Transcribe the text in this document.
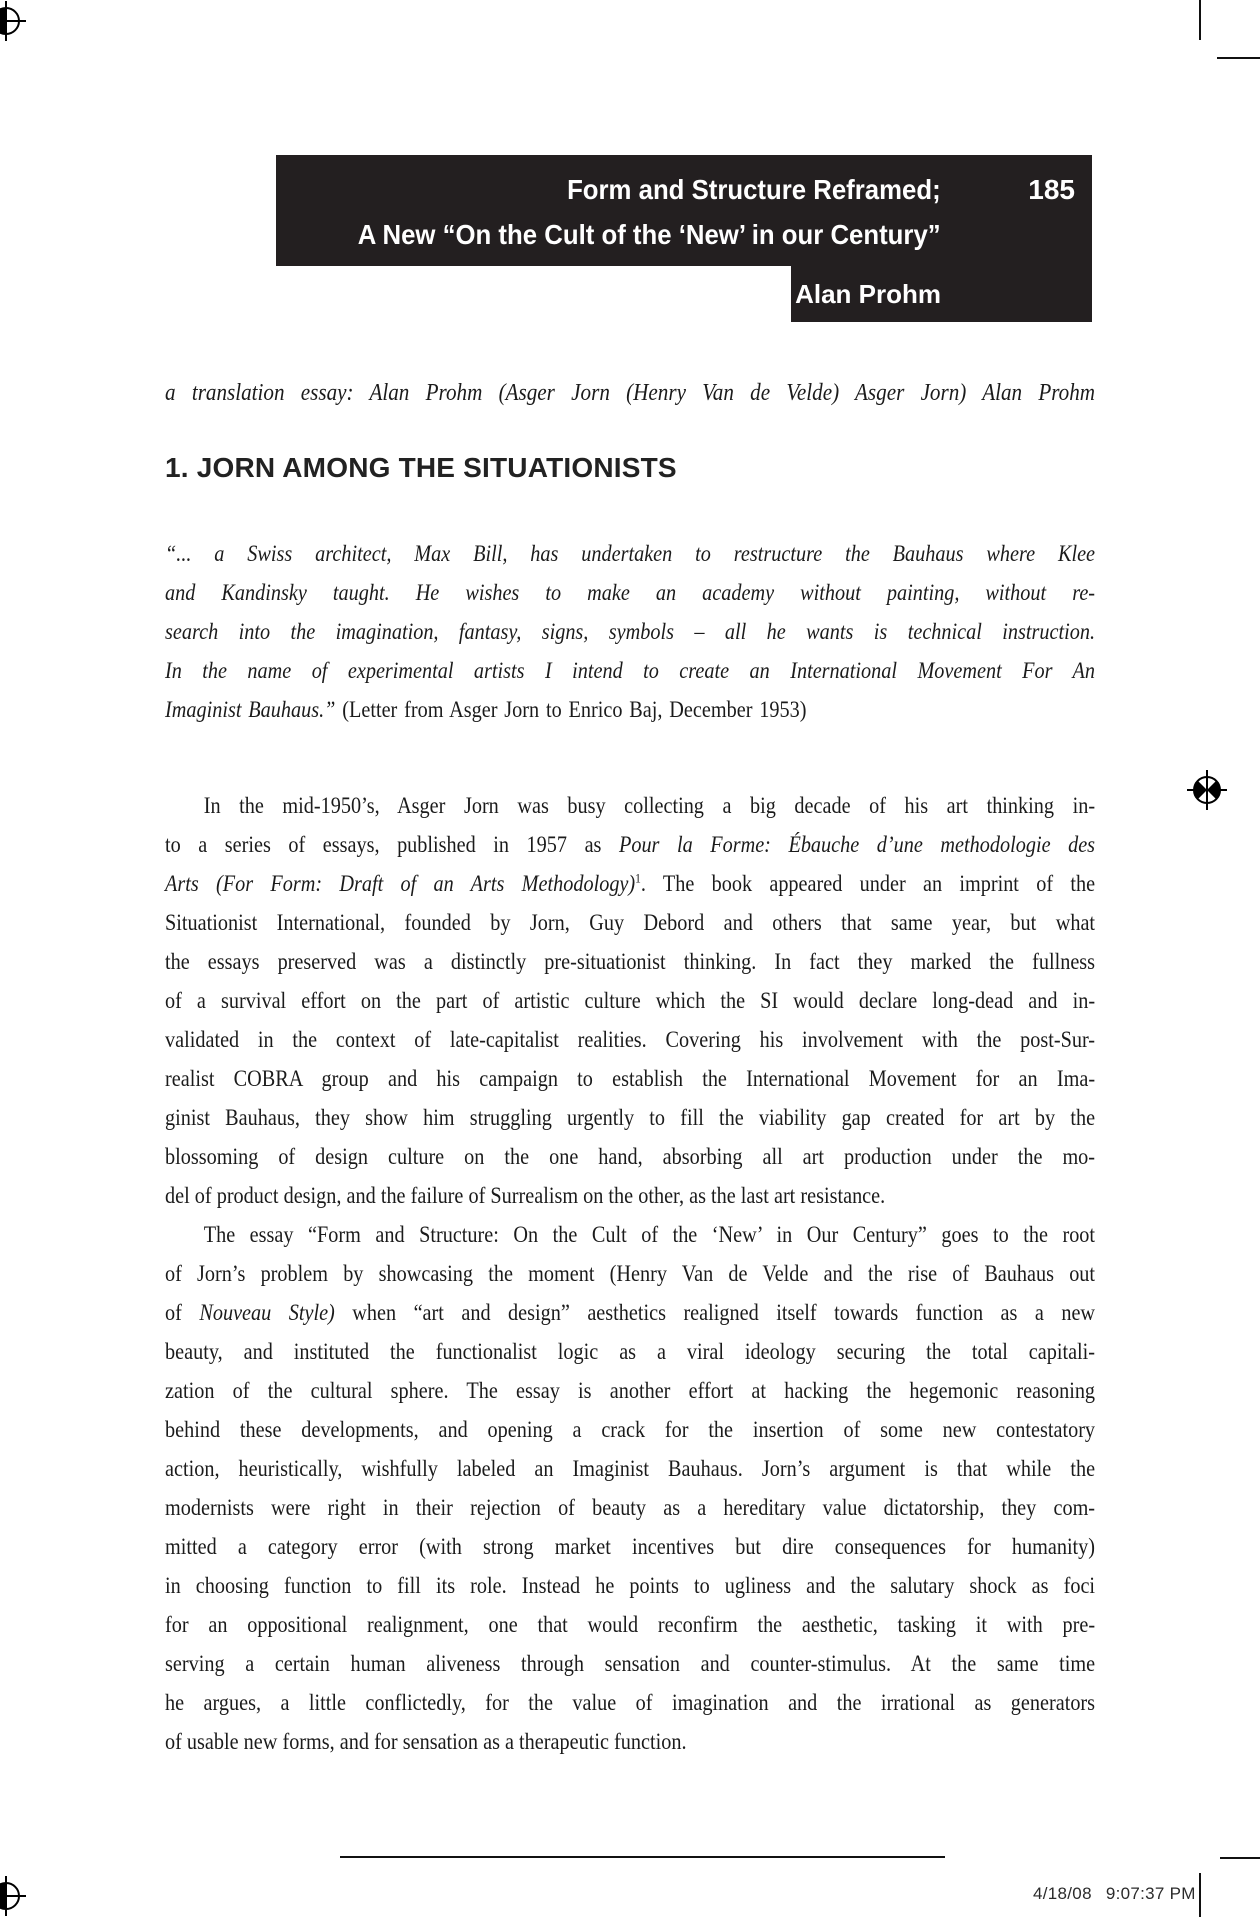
Form and Structure Reframed;
A New “On the Cult of the ‘New’ in our Century”
185
Alan Prohm
a translation essay: Alan Prohm (Asger Jorn (Henry Van de Velde) Asger Jorn) Alan Prohm
1. JORN AMONG THE SITUATIONISTS
“... a Swiss architect, Max Bill, has undertaken to restructure the Bauhaus where Klee
and Kandinsky taught. He wishes to make an academy without painting, without re-
search into the imagination, fantasy, signs, symbols – all he wants is technical instruction.
In the name of experimental artists I intend to create an International Movement For An
Imaginist Bauhaus.” (Letter from Asger Jorn to Enrico Baj, December 1953)
In the mid-1950’s, Asger Jorn was busy collecting a big decade of his art thinking in-
to a series of essays, published in 1957 as Pour la Forme: Ébauche d’une methodologie des
Arts (For Form: Draft of an Arts Methodology)$^1$. The book appeared under an imprint of the
Situationist International, founded by Jorn, Guy Debord and others that same year, but what
the essays preserved was a distinctly pre-situationist thinking. In fact they marked the fullness
of a survival effort on the part of artistic culture which the SI would declare long-dead and in-
validated in the context of late-capitalist realities. Covering his involvement with the post-Sur-
realist COBRA group and his campaign to establish the International Movement for an Ima-
ginist Bauhaus, they show him struggling urgently to fill the viability gap created for art by the
blossoming of design culture on the one hand, absorbing all art production under the mo-
del of product design, and the failure of Surrealism on the other, as the last art resistance.
The essay “Form and Structure: On the Cult of the ‘New’ in Our Century” goes to the root
of Jorn’s problem by showcasing the moment (Henry Van de Velde and the rise of Bauhaus out
of Nouveau Style) when “art and design” aesthetics realigned itself towards function as a new
beauty, and instituted the functionalist logic as a viral ideology securing the total capitali-
zation of the cultural sphere. The essay is another effort at hacking the hegemonic reasoning
behind these developments, and opening a crack for the insertion of some new contestatory
action, heuristically, wishfully labeled an Imaginist Bauhaus. Jorn’s argument is that while the
modernists were right in their rejection of beauty as a hereditary value dictatorship, they com-
mitted a category error (with strong market incentives but dire consequences for humanity)
in choosing function to fill its role. Instead he points to ugliness and the salutary shock as foci
for an oppositional realignment, one that would reconfirm the aesthetic, tasking it with pre-
serving a certain human aliveness through sensation and counter-stimulus. At the same time
he argues, a little conflictedly, for the value of imagination and the irrational as generators
of usable new forms, and for sensation as a therapeutic function.
4/18/08 9:07:37 PM
